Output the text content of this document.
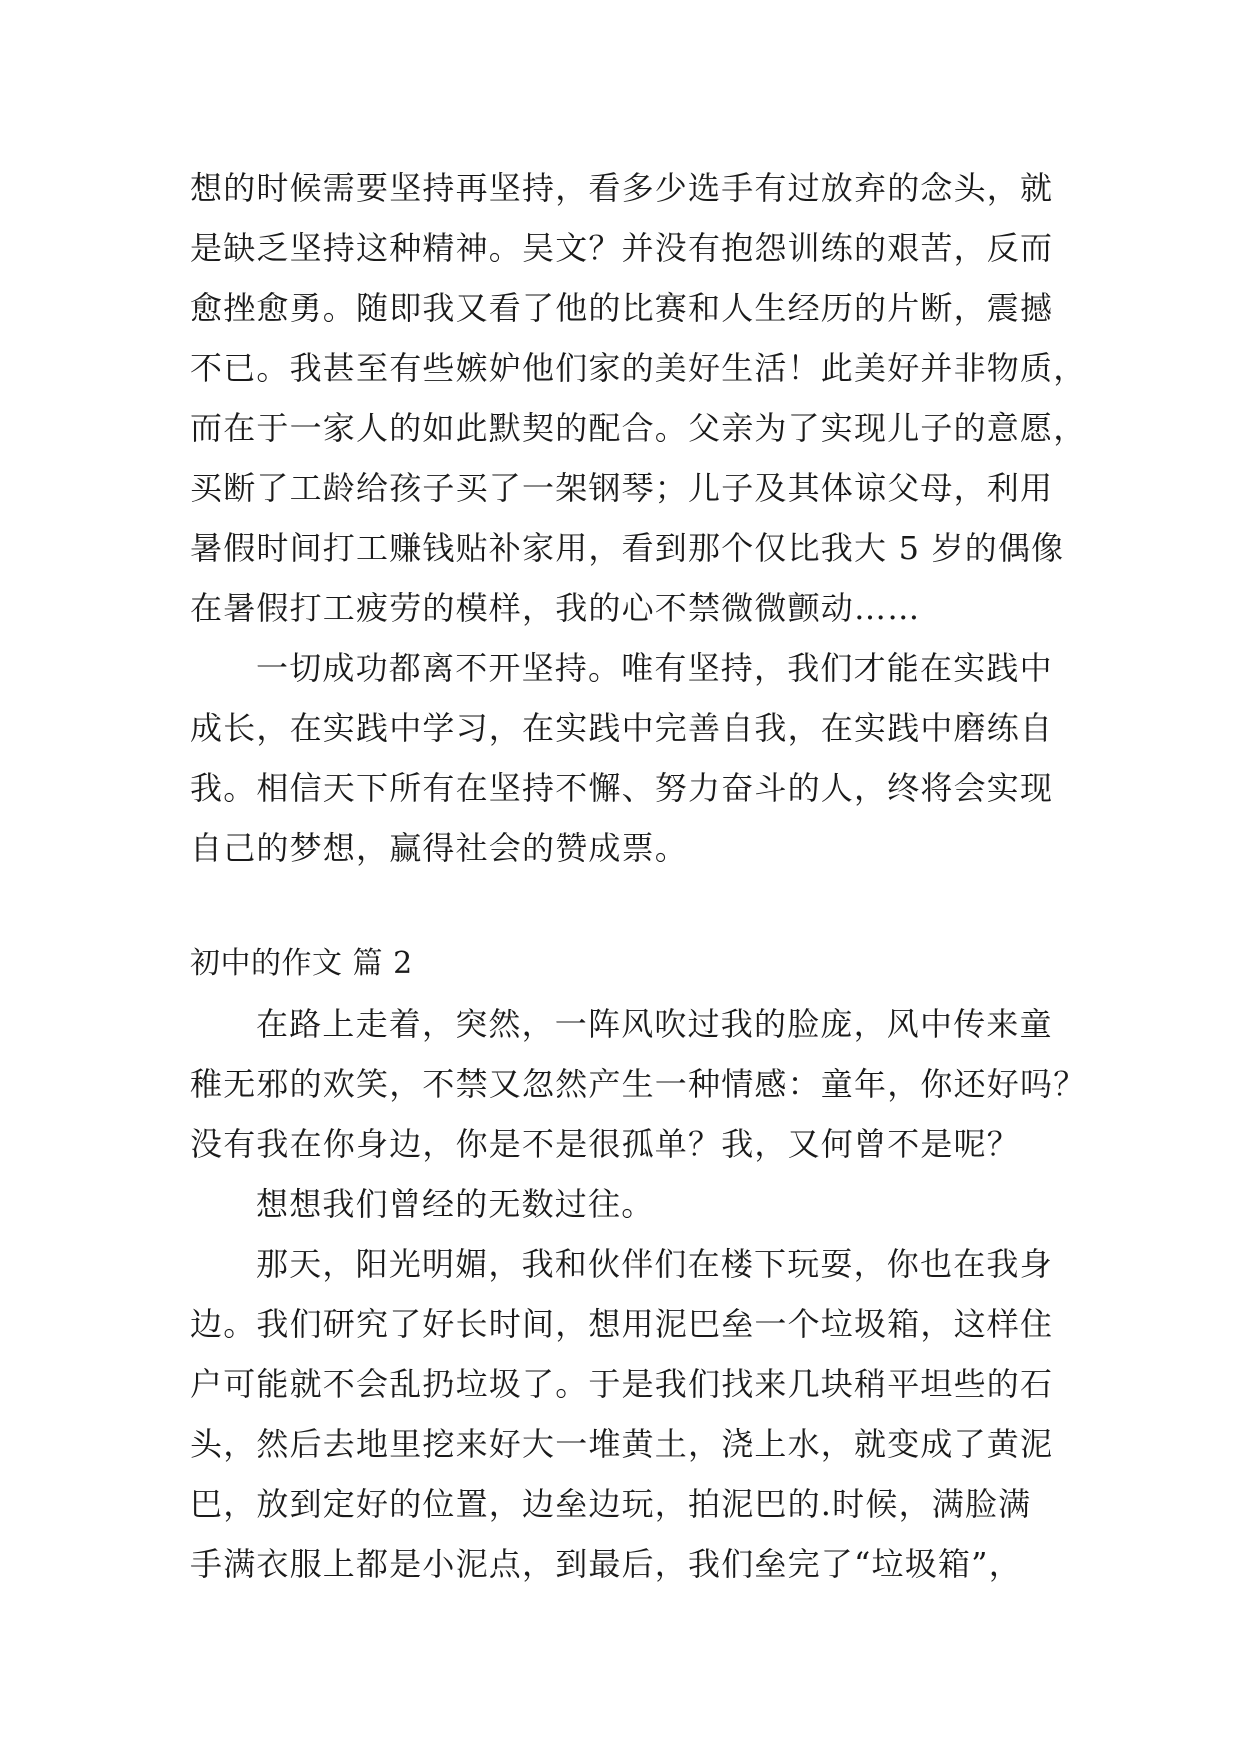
想的时候需要坚持再坚持，看多少选手有过放弃的念头，就
是缺乏坚持这种精神。吴文？并没有抱怨训练的艰苦，反而
愈挫愈勇。随即我又看了他的比赛和人生经历的片断，震撼
不已。我甚至有些嫉妒他们家的美好生活！此美好并非物质，
而在于一家人的如此默契的配合。父亲为了实现儿子的意愿，
买断了工龄给孩子买了一架钢琴；儿子及其体谅父母，利用
暑假时间打工赚钱贴补家用，看到那个仅比我大 5 岁的偶像
在暑假打工疲劳的模样，我的心不禁微微颤动……
一切成功都离不开坚持。唯有坚持，我们才能在实践中
成长，在实践中学习，在实践中完善自我，在实践中磨练自
我。相信天下所有在坚持不懈、努力奋斗的人，终将会实现
自己的梦想，赢得社会的赞成票。
初中的作文 篇 2
在路上走着，突然，一阵风吹过我的脸庞，风中传来童
稚无邪的欢笑，不禁又忽然产生一种情感：童年，你还好吗？
没有我在你身边，你是不是很孤单？我，又何曾不是呢？
想想我们曾经的无数过往。
那天，阳光明媚，我和伙伴们在楼下玩耍，你也在我身
边。我们研究了好长时间，想用泥巴垒一个垃圾箱，这样住
户可能就不会乱扔垃圾了。于是我们找来几块稍平坦些的石
头，然后去地里挖来好大一堆黄土，浇上水，就变成了黄泥
巴，放到定好的位置，边垒边玩，拍泥巴的.时候，满脸满
手满衣服上都是小泥点，到最后，我们垒完了“垃圾箱”，
